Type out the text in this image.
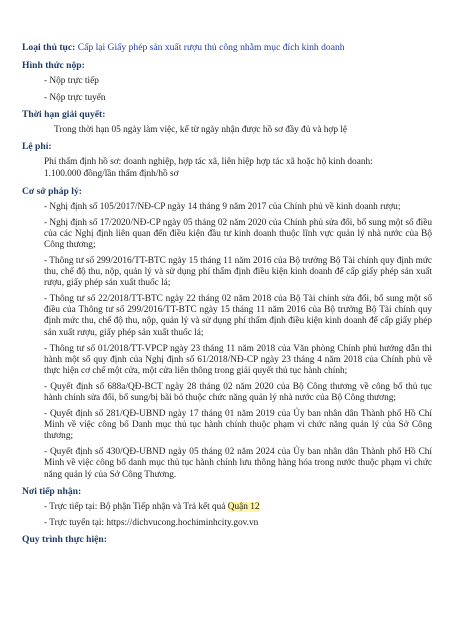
Loại thủ tục: Cấp lại Giấy phép sản xuất rượu thủ công nhằm mục đích kinh doanh
Hình thức nộp:
- Nộp trực tiếp
- Nộp trực tuyến
Thời hạn giải quyết:
Trong thời hạn 05 ngày làm việc, kể từ ngày nhận được hồ sơ đầy đủ và hợp lệ
Lệ phí:
Phí thẩm định hồ sơ: doanh nghiệp, hợp tác xã, liên hiệp hợp tác xã hoặc hộ kinh doanh:
1.100.000 đồng/lần thẩm định/hồ sơ
Cơ sở pháp lý:
- Nghị định số 105/2017/NĐ-CP ngày 14 tháng 9 năm 2017 của Chính phủ về kinh doanh rượu;
- Nghị định số 17/2020/NĐ-CP ngày 05 tháng 02 năm 2020 của Chính phủ sửa đổi, bổ sung một số điều của các Nghị định liên quan đến điều kiện đầu tư kinh doanh thuộc lĩnh vực quản lý nhà nước của Bộ Công thương;
- Thông tư số 299/2016/TT-BTC ngày 15 tháng 11 năm 2016 của Bộ trưởng Bộ Tài chính quy định mức thu, chế độ thu, nộp, quản lý và sử dụng phí thẩm định điều kiện kinh doanh để cấp giấy phép sản xuất rượu, giấy phép sản xuất thuốc lá;
- Thông tư số 22/2018/TT-BTC ngày 22 tháng 02 năm 2018 của Bộ Tài chính sửa đổi, bổ sung một số điều của Thông tư số 299/2016/TT-BTC ngày 15 tháng 11 năm 2016 của Bộ trưởng Bộ Tài chính quy định mức thu, chế độ thu, nộp, quản lý và sử dụng phí thẩm định điều kiện kinh doanh để cấp giấy phép sản xuất rượu, giấy phép sản xuất thuốc lá;
- Thông tư số 01/2018/TT-VPCP ngày 23 tháng 11 năm 2018 của Văn phòng Chính phủ hướng dẫn thi hành một số quy định của Nghị định số 61/2018/NĐ-CP ngày 23 tháng 4 năm 2018 của Chính phủ về thực hiện cơ chế một cửa, một cửa liên thông trong giải quyết thủ tục hành chính;
- Quyết định số 688a/QĐ-BCT ngày 28 tháng 02 năm 2020 của Bộ Công thương về công bố thủ tục hành chính sửa đổi, bổ sung/bị bãi bỏ thuộc chức năng quản lý nhà nước của Bộ Công thương;
- Quyết định số 281/QĐ-UBND ngày 17 tháng 01 năm 2019 của Ủy ban nhân dân Thành phố Hồ Chí Minh về việc công bố Danh mục thủ tục hành chính thuộc phạm vi chức năng quản lý của Sở Công thương;
- Quyết định số 430/QĐ-UBND ngày 05 tháng 02 năm 2024 của Ủy ban nhân dân Thành phố Hồ Chí Minh về việc công bố danh mục thủ tục hành chính lưu thông hàng hóa trong nước thuộc phạm vi chức năng quản lý của Sở Công Thương.
Nơi tiếp nhận:
- Trực tiếp tại: Bộ phận Tiếp nhận và Trả kết quả Quận 12
- Trực tuyến tại: https://dichvucong.hochiminhcity.gov.vn
Quy trình thực hiện:
